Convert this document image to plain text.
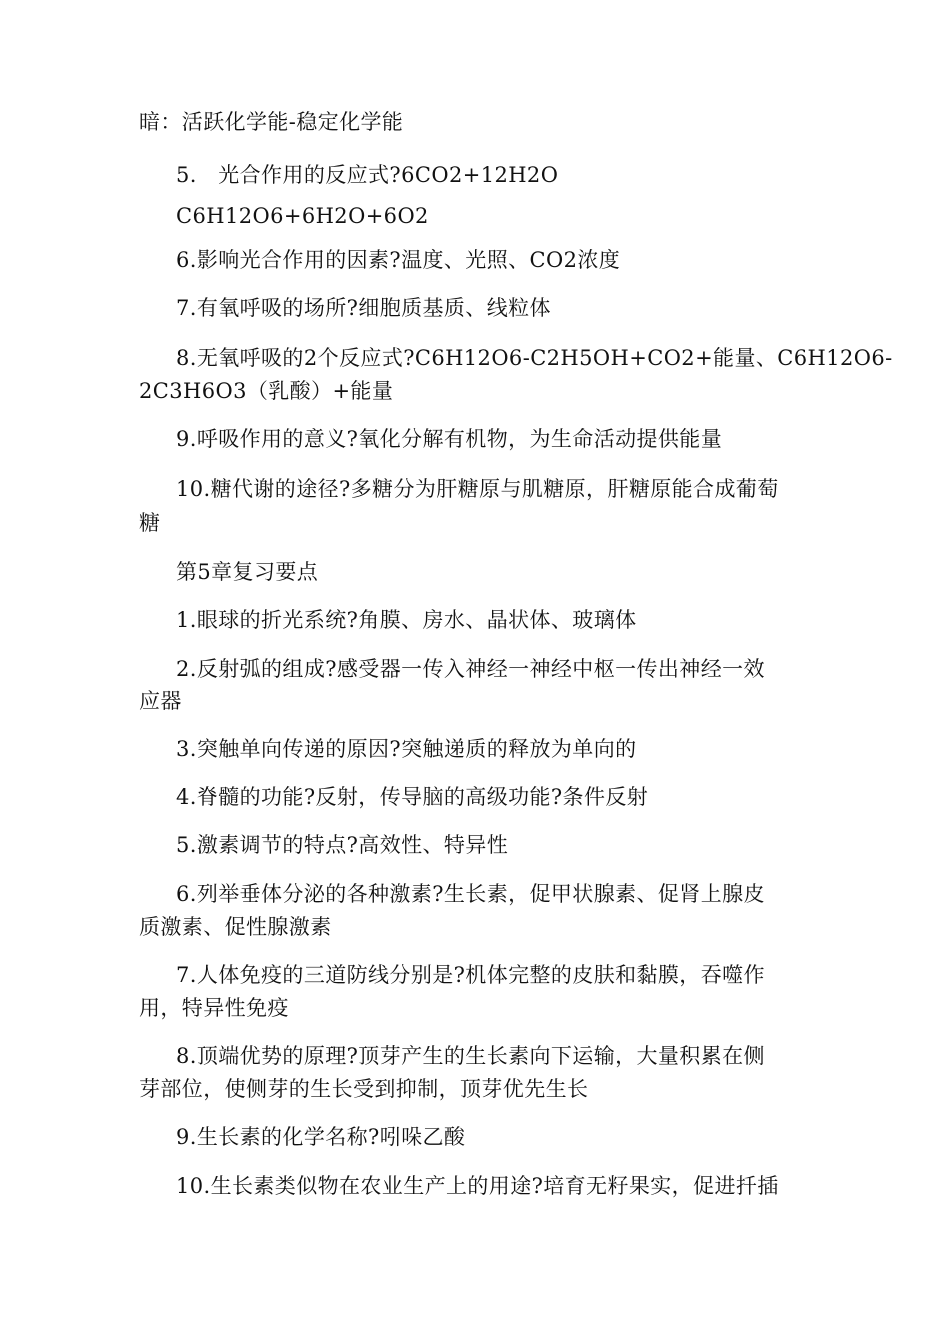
暗：活跃化学能-稳定化学能
5.　光合作用的反应式?6CO2+12H2O
C6H12O6+6H2O+6O2
6.影响光合作用的因素?温度、光照、CO2浓度
7.有氧呼吸的场所?细胞质基质、线粒体
8.无氧呼吸的2个反应式?C6H12O6-C2H5OH+CO2+能量、C6H12O6-
2C3H6O3（乳酸）+能量
9.呼吸作用的意义?氧化分解有机物，为生命活动提供能量
10.糖代谢的途径?多糖分为肝糖原与肌糖原，肝糖原能合成葡萄
糖
第5章复习要点
1.眼球的折光系统?角膜、房水、晶状体、玻璃体
2.反射弧的组成?感受器一传入神经一神经中枢一传出神经一效
应器
3.突触单向传递的原因?突触递质的释放为单向的
4.脊髓的功能?反射，传导脑的高级功能?条件反射
5.激素调节的特点?高效性、特异性
6.列举垂体分泌的各种激素?生长素，促甲状腺素、促肾上腺皮
质激素、促性腺激素
7.人体免疫的三道防线分别是?机体完整的皮肤和黏膜，吞噬作
用，特异性免疫
8.顶端优势的原理?顶芽产生的生长素向下运输，大量积累在侧
芽部位，使侧芽的生长受到抑制，顶芽优先生长
9.生长素的化学名称?吲哚乙酸
10.生长素类似物在农业生产上的用途?培育无籽果实，促进扦插
